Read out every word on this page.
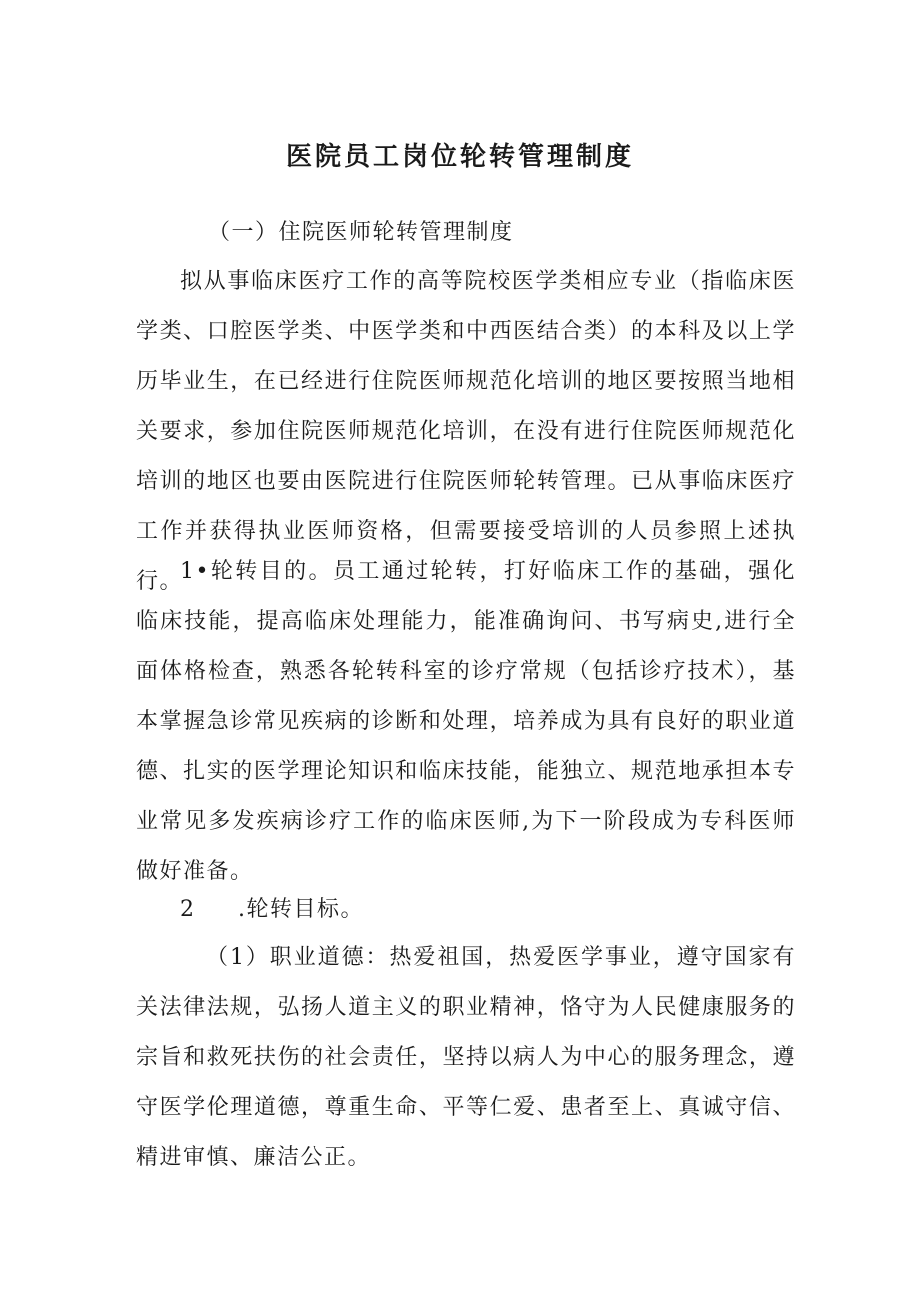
医院员工岗位轮转管理制度

（一）住院医师轮转管理制度

拟从事临床医疗工作的高等院校医学类相应专业（指临床医学类、口腔医学类、中医学类和中西医结合类）的本科及以上学历毕业生，在已经进行住院医师规范化培训的地区要按照当地相关要求，参加住院医师规范化培训，在没有进行住院医师规范化培训的地区也要由医院进行住院医师轮转管理。已从事临床医疗工作并获得执业医师资格，但需要接受培训的人员参照上述执行。

1•轮转目的。员工通过轮转，打好临床工作的基础，强化临床技能，提高临床处理能力，能准确询问、书写病史,进行全面体格检查，熟悉各轮转科室的诊疗常规（包括诊疗技术），基本掌握急诊常见疾病的诊断和处理，培养成为具有良好的职业道德、扎实的医学理论知识和临床技能，能独立、规范地承担本专业常见多发疾病诊疗工作的临床医师,为下一阶段成为专科医师做好准备。

2 .轮转目标。

（1）职业道德：热爱祖国，热爱医学事业，遵守国家有关法律法规，弘扬人道主义的职业精神，恪守为人民健康服务的宗旨和救死扶伤的社会责任，坚持以病人为中心的服务理念，遵守医学伦理道德，尊重生命、平等仁爱、患者至上、真诚守信、精进审慎、廉洁公正。
